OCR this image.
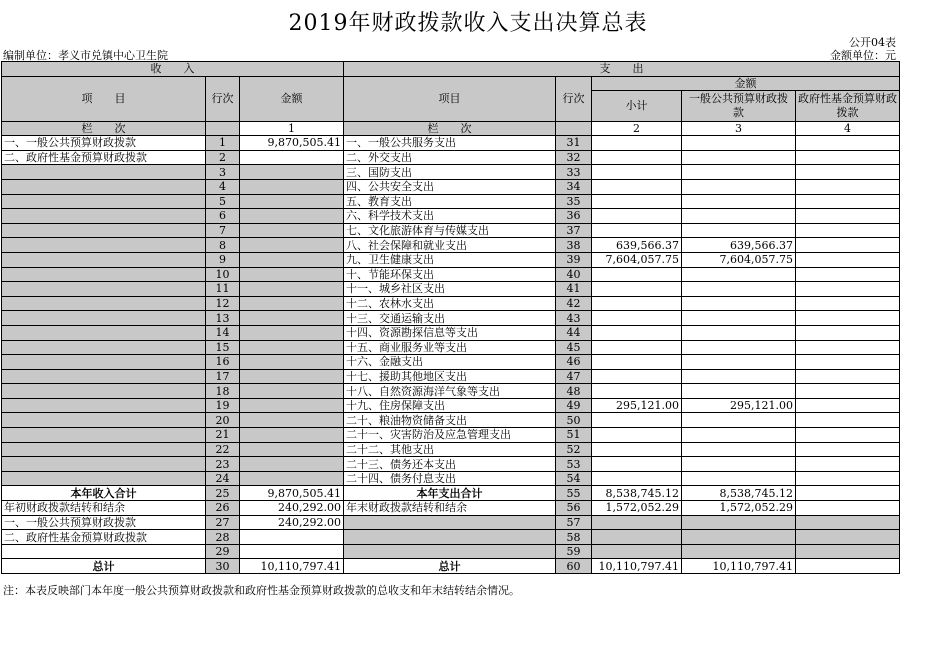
2019年财政拨款收入支出决算总表
公开04表
编制单位：孝义市兑镇中心卫生院	金额单位：元
收　　入			支　　出				
项　　目	行次	金额	项目	行次	金额		
					小计	一般公共预算财政拨款	政府性基金预算财政拨款
栏　　次		1	栏　　次		2	3	4
一、一般公共预算财政拨款	1	9,870,505.41	一、一般公共服务支出	31			
二、政府性基金预算财政拨款	2		二、外交支出	32			
	3		三、国防支出	33			
	4		四、公共安全支出	34			
	5		五、教育支出	35			
	6		六、科学技术支出	36			
	7		七、文化旅游体育与传媒支出	37			
	8		八、社会保障和就业支出	38	639,566.37	639,566.37	
	9		九、卫生健康支出	39	7,604,057.75	7,604,057.75	
	10		十、节能环保支出	40			
	11		十一、城乡社区支出	41			
	12		十二、农林水支出	42			
	13		十三、交通运输支出	43			
	14		十四、资源勘探信息等支出	44			
	15		十五、商业服务业等支出	45			
	16		十六、金融支出	46			
	17		十七、援助其他地区支出	47			
	18		十八、自然资源海洋气象等支出	48			
	19		十九、住房保障支出	49	295,121.00	295,121.00	
	20		二十、粮油物资储备支出	50			
	21		二十一、灾害防治及应急管理支出	51			
	22		二十二、其他支出	52			
	23		二十三、债务还本支出	53			
	24		二十四、债务付息支出	54			
本年收入合计	25	9,870,505.41	本年支出合计	55	8,538,745.12	8,538,745.12	
年初财政拨款结转和结余	26	240,292.00	年末财政拨款结转和结余	56	1,572,052.29	1,572,052.29	
一、一般公共预算财政拨款	27	240,292.00		57			
二、政府性基金预算财政拨款	28			58			
	29			59			
总计	30	10,110,797.41	总计	60	10,110,797.41	10,110,797.41	
注：本表反映部门本年度一般公共预算财政拨款和政府性基金预算财政拨款的总收支和年末结转结余情况。
